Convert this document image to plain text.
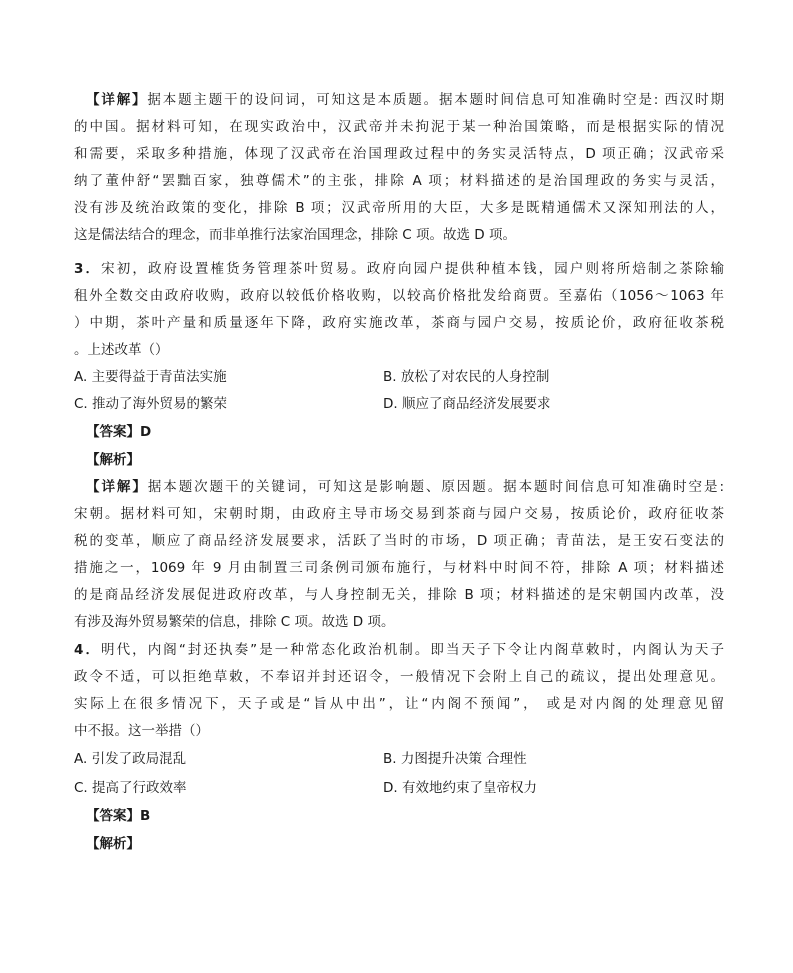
【详解】据本题主题干的设问词，可知这是本质题。据本题时间信息可知准确时空是: 西汉时期
的中国。据材料可知，在现实政治中，汉武帝并未拘泥于某一种治国策略，而是根据实际的情况
和需要，采取多种措施，体现了汉武帝在治国理政过程中的务实灵活特点，D 项正确；汉武帝采
纳了董仲舒“罢黜百家，独尊儒术”的主张，排除 A 项；材料描述的是治国理政的务实与灵活，
没有涉及统治政策的变化，排除 B 项；汉武帝所用的大臣，大多是既精通儒术又深知刑法的人，
这是儒法结合的理念，而非单推行法家治国理念，排除 C 项。故选 D 项。
3．宋初，政府设置榷货务管理茶叶贸易。政府向园户提供种植本钱，园户则将所焙制之茶除输
租外全数交由政府收购，政府以较低价格收购，以较高价格批发给商贾。至嘉佑（1056～1063 年
）中期，茶叶产量和质量逐年下降，政府实施改革，茶商与园户交易，按质论价，政府征收茶税
。上述改革（）
A. 主要得益于青苗法实施	B. 放松了对农民的人身控制
C. 推动了海外贸易的繁荣	D. 顺应了商品经济发展要求
【答案】D
【解析】
【详解】据本题次题干的关键词，可知这是影响题、原因题。据本题时间信息可知准确时空是:
宋朝。据材料可知，宋朝时期，由政府主导市场交易到茶商与园户交易，按质论价，政府征收茶
税的变革，顺应了商品经济发展要求，活跃了当时的市场，D 项正确；青苗法，是王安石变法的
措施之一，1069 年 9 月由制置三司条例司颁布施行，与材料中时间不符，排除 A 项；材料描述
的是商品经济发展促进政府改革，与人身控制无关，排除 B 项；材料描述的是宋朝国内改革，没
有涉及海外贸易繁荣的信息，排除 C 项。故选 D 项。
4．明代，内阁“封还执奏”是一种常态化政治机制。即当天子下令让内阁草敕时，内阁认为天子
政令不适，可以拒绝草敕，不奉诏并封还诏令，一般情况下会附上自己的疏议，提出处理意见。
实际上在很多情况下，天子或是“旨从中出”，让“内阁不预闻”， 或是对内阁的处理意见留
中不报。这一举措（）
A. 引发了政局混乱	B. 力图提升决策 合理性
C. 提高了行政效率	D. 有效地约束了皇帝权力
【答案】B
【解析】
